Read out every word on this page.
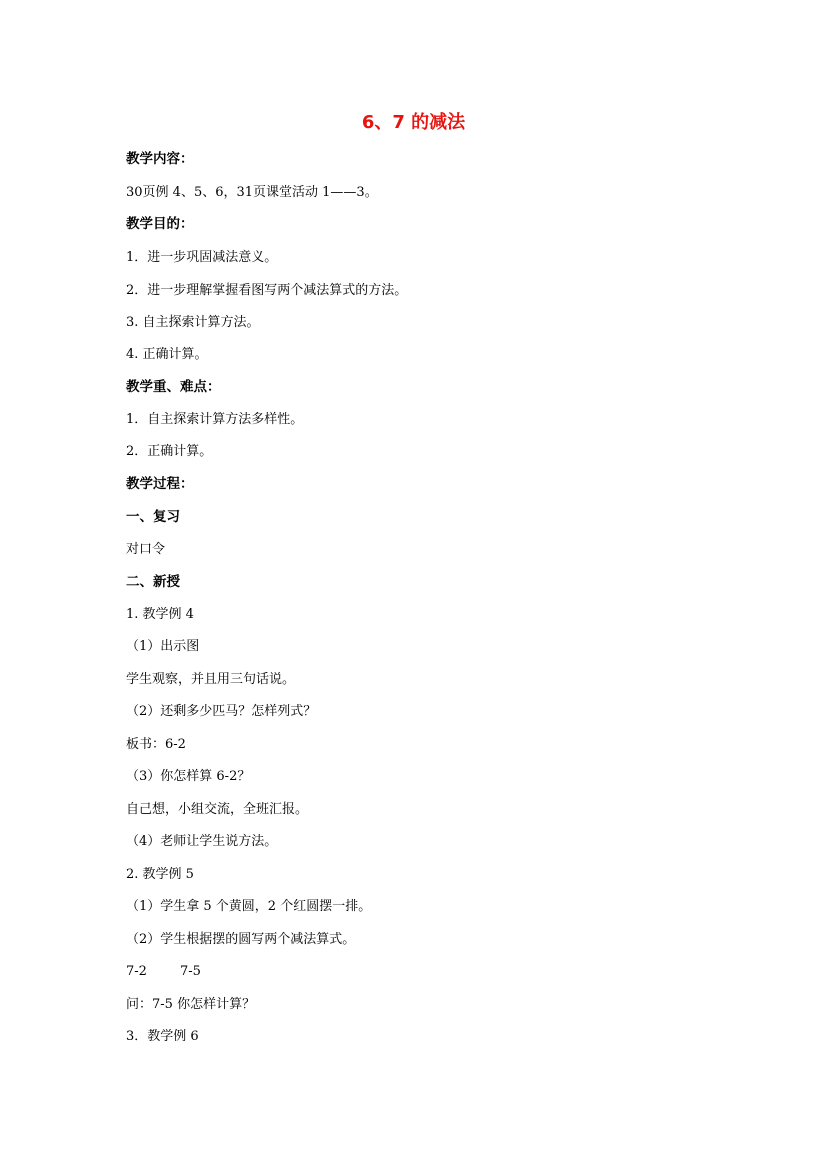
6、7 的减法
教学内容：
30页例 4、5、6，31页课堂活动 1——3。
教学目的：
1．进一步巩固减法意义。
2．进一步理解掌握看图写两个减法算式的方法。
3. 自主探索计算方法。
4. 正确计算。
教学重、难点：
1．自主探索计算方法多样性。
2．正确计算。
教学过程：
一、复习
对口令
二、新授
1. 教学例 4
（1）出示图
学生观察，并且用三句话说。
（2）还剩多少匹马？怎样列式？
板书：6-2
（3）你怎样算 6-2？
自己想，小组交流，全班汇报。
（4）老师让学生说方法。
2. 教学例 5
（1）学生拿 5 个黄圆，2 个红圆摆一排。
（2）学生根据摆的圆写两个减法算式。
7-2        7-5
问：7-5 你怎样计算？
3．教学例 6
